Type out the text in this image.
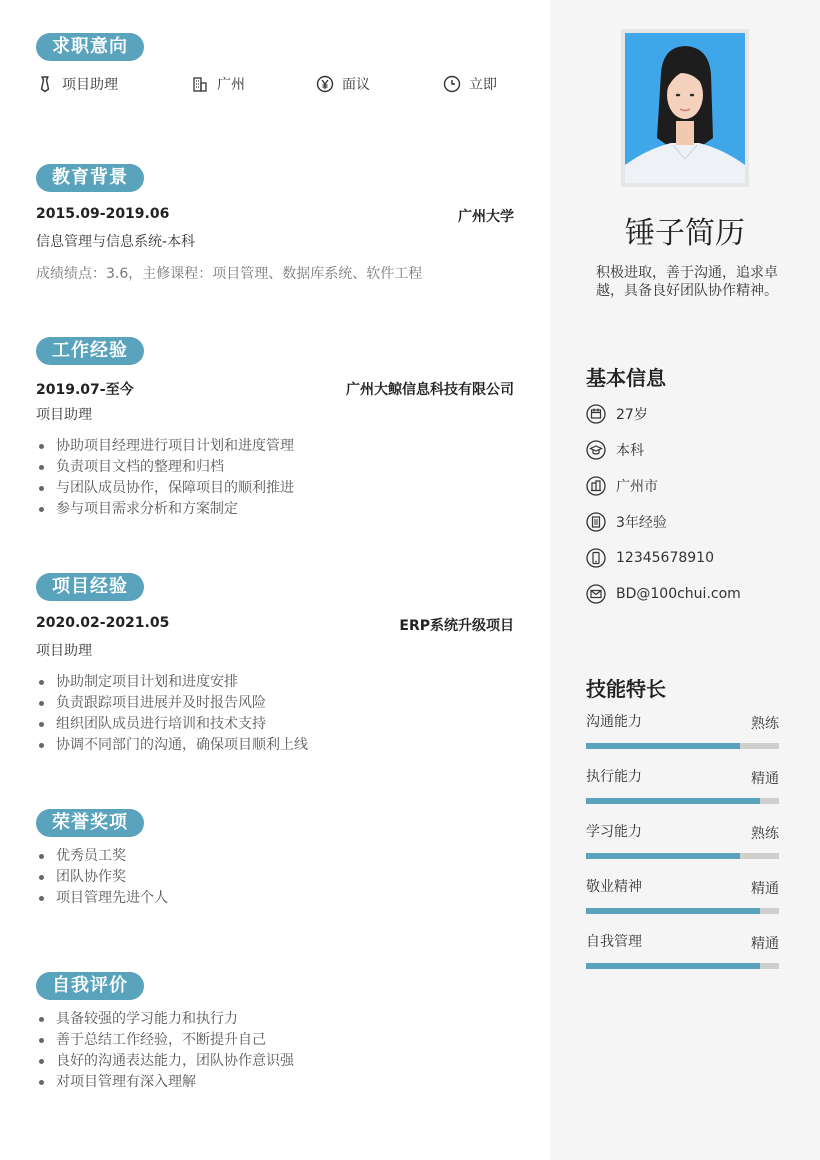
求职意向
项目助理	广州	面议	立即
教育背景
2015.09-2019.06	广州大学
信息管理与信息系统-本科
成绩绩点：3.6，主修课程：项目管理、数据库系统、软件工程
工作经验
2019.07-至今	广州大鲸信息科技有限公司
项目助理
协助项目经理进行项目计划和进度管理
负责项目文档的整理和归档
与团队成员协作，保障项目的顺利推进
参与项目需求分析和方案制定
项目经验
2020.02-2021.05	ERP系统升级项目
项目助理
协助制定项目计划和进度安排
负责跟踪项目进展并及时报告风险
组织团队成员进行培训和技术支持
协调不同部门的沟通，确保项目顺利上线
荣誉奖项
优秀员工奖
团队协作奖
项目管理先进个人
自我评价
具备较强的学习能力和执行力
善于总结工作经验，不断提升自己
良好的沟通表达能力，团队协作意识强
对项目管理有深入理解
锤子简历
积极进取，善于沟通，追求卓越，具备良好团队协作精神。
基本信息
27岁
本科
广州市
3年经验
12345678910
BD@100chui.com
技能特长
沟通能力	熟练
执行能力	精通
学习能力	熟练
敬业精神	精通
自我管理	精通
